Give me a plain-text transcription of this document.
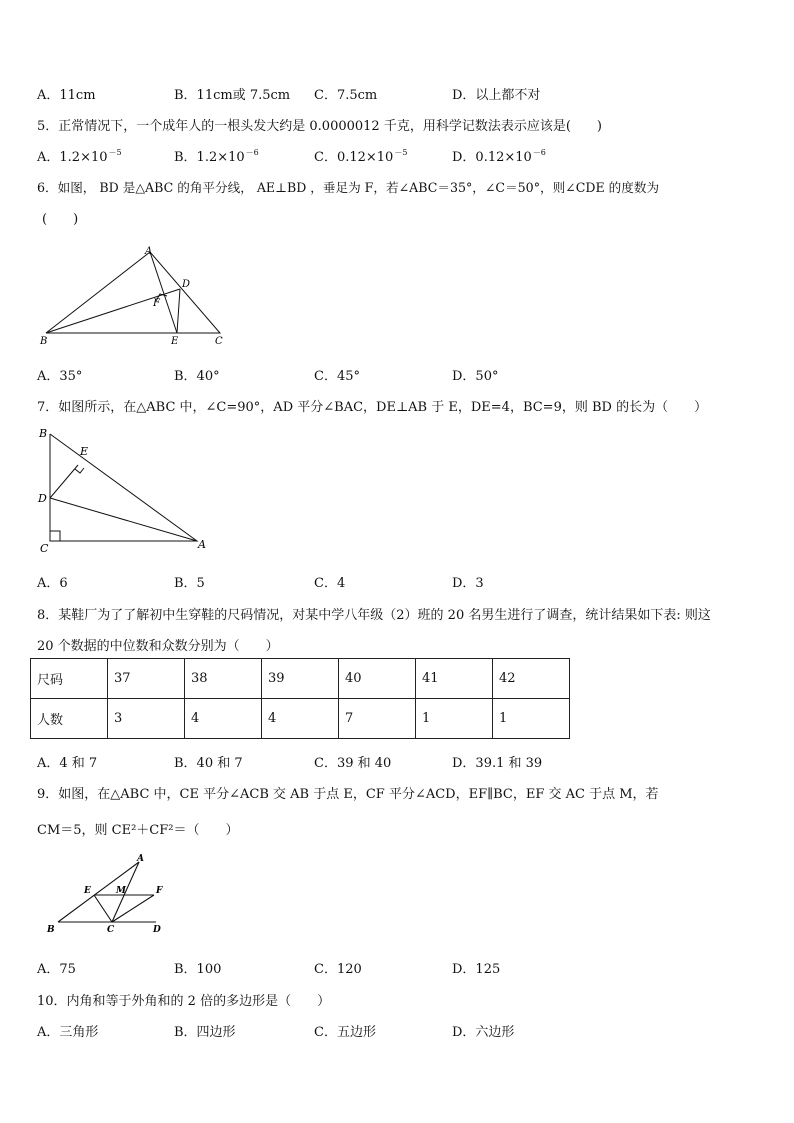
A．11cm	B．11cm或 7.5cm C．7.5cm	D．以上都不对
5．正常情况下，一个成年人的一根头发大约是 0.0000012 千克，用科学记数法表示应该是(　　)
A．$1.2\times 10^{-5}$	B．$1.2\times 10^{-6}$	C．$0.12\times 10^{-5}$	D．$0.12\times 10^{-6}$
6．如图， BD 是△ABC 的角平分线， AE⊥BD ，垂足为 F，若∠ABC＝35°，∠C＝50°，则∠CDE 的度数为
(　　)
A
B	C
D
E
F
A．35°	B．40°	C．45°	D．50°
7．如图所示，在△ABC 中，∠C=90°，AD 平分∠BAC，DE⊥AB 于 E，DE=4，BC=9，则 BD 的长为（　　）
B
E
D
C	A
A．6	B．5	C．4	D．3
8．某鞋厂为了了解初中生穿鞋的尺码情况，对某中学八年级（2）班的 20 名男生进行了调查，统计结果如下表: 则这
20 个数据的中位数和众数分别为（　　）
尺码	37	38	39	40	41	42
人数	3	4	4	7	1	1
A．4 和 7	B．40 和 7	C．39 和 40	D．39.1 和 39
9．如图，在△ABC 中，CE 平分∠ACB 交 AB 于点 E，CF 平分∠ACD，EF∥BC，EF 交 AC 于点 M，若
CM＝5，则 CE²＋CF²＝（　　）
A
E	M	F
B	C	D
A．75	B．100	C．120	D．125
10．内角和等于外角和的 2 倍的多边形是（　　）
A．三角形	B．四边形	C．五边形	D．六边形
